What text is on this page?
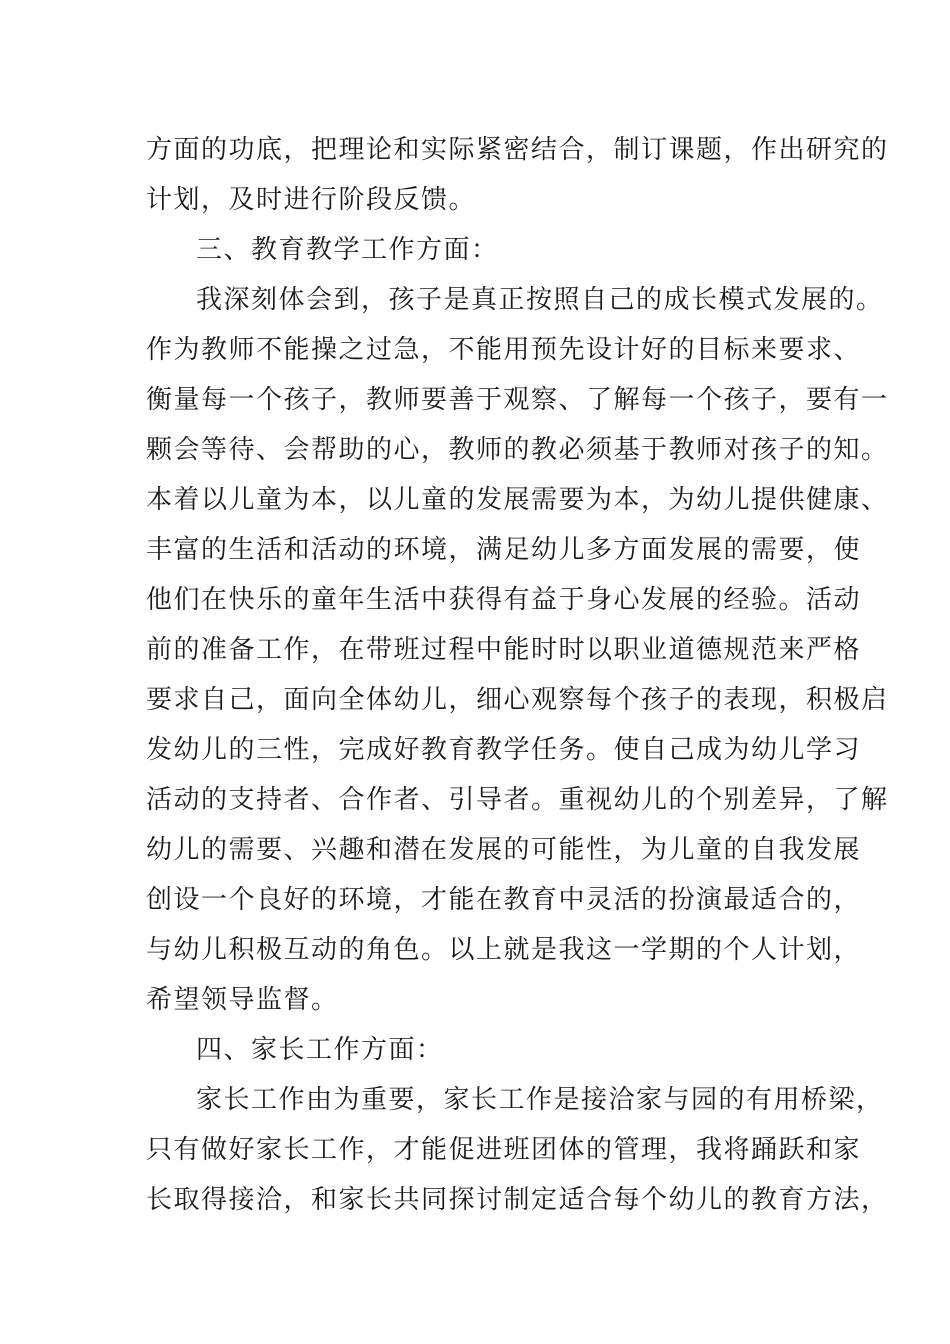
方面的功底，把理论和实际紧密结合，制订课题，作出研究的
计划，及时进行阶段反馈。
三、教育教学工作方面：
我深刻体会到，孩子是真正按照自己的成长模式发展的。
作为教师不能操之过急，不能用预先设计好的目标来要求、
衡量每一个孩子，教师要善于观察、了解每一个孩子，要有一
颗会等待、会帮助的心，教师的教必须基于教师对孩子的知。
本着以儿童为本，以儿童的发展需要为本，为幼儿提供健康、
丰富的生活和活动的环境，满足幼儿多方面发展的需要，使
他们在快乐的童年生活中获得有益于身心发展的经验。活动
前的准备工作，在带班过程中能时时以职业道德规范来严格
要求自己，面向全体幼儿，细心观察每个孩子的表现，积极启
发幼儿的三性，完成好教育教学任务。使自己成为幼儿学习
活动的支持者、合作者、引导者。重视幼儿的个别差异，了解
幼儿的需要、兴趣和潜在发展的可能性，为儿童的自我发展
创设一个良好的环境，才能在教育中灵活的扮演最适合的，
与幼儿积极互动的角色。以上就是我这一学期的个人计划，
希望领导监督。
四、家长工作方面：
家长工作由为重要，家长工作是接洽家与园的有用桥梁，
只有做好家长工作，才能促进班团体的管理，我将踊跃和家
长取得接洽，和家长共同探讨制定适合每个幼儿的教育方法，
